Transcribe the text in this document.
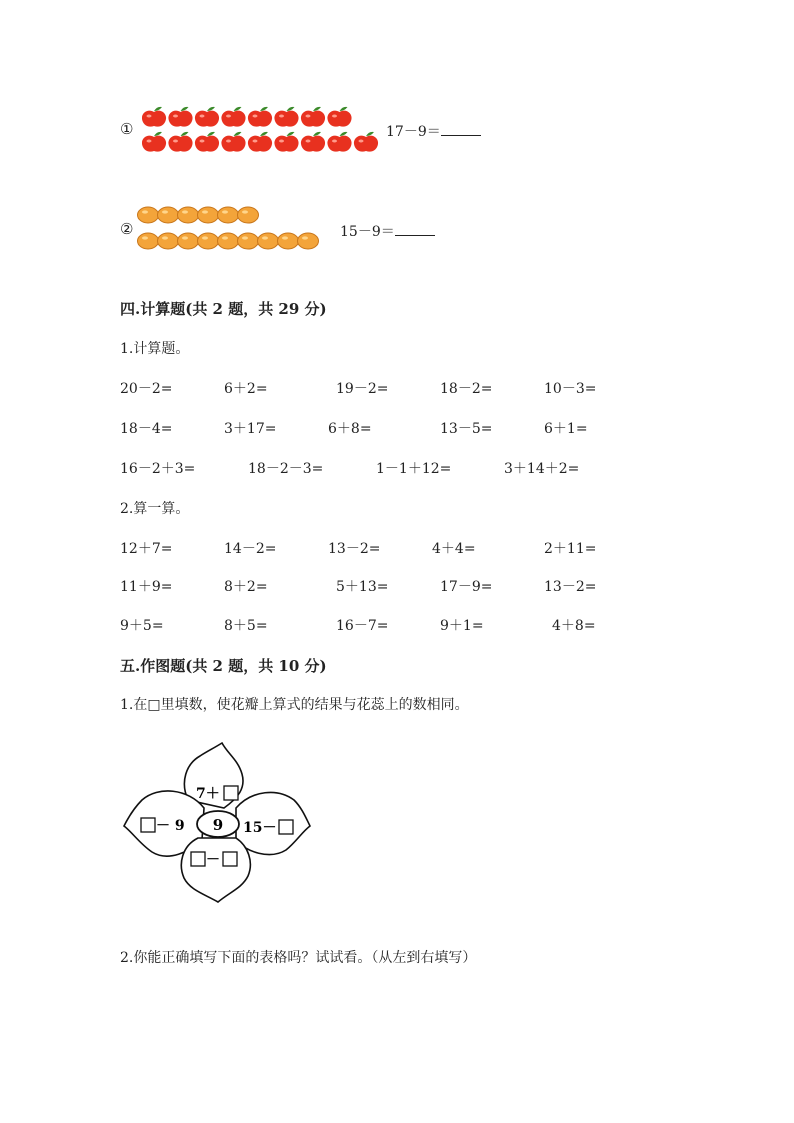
①	17－9＝
②	15－9＝
四.计算题(共 2 题，共 29 分)
1.计算题。
20－2=	6＋2=	19－2=	18－2=	10－3=
18－4=	3＋17=	6＋8=	13－5=	6＋1=
16－2＋3=	18－2－3=	1－1＋12=	3＋14＋2=
2.算一算。
12＋7=	14－2=	13－2=	4＋4=	2＋11=
11＋9=	8＋2=	5＋13=	17－9=	13－2=
9＋5=	8＋5=	16－7=	9＋1=	4＋8=
五.作图题(共 2 题，共 10 分)
1.在□里填数，使花瓣上算式的结果与花蕊上的数相同。
9
7＋
－ 9	15－
－
2.你能正确填写下面的表格吗？试试看。（从左到右填写）
